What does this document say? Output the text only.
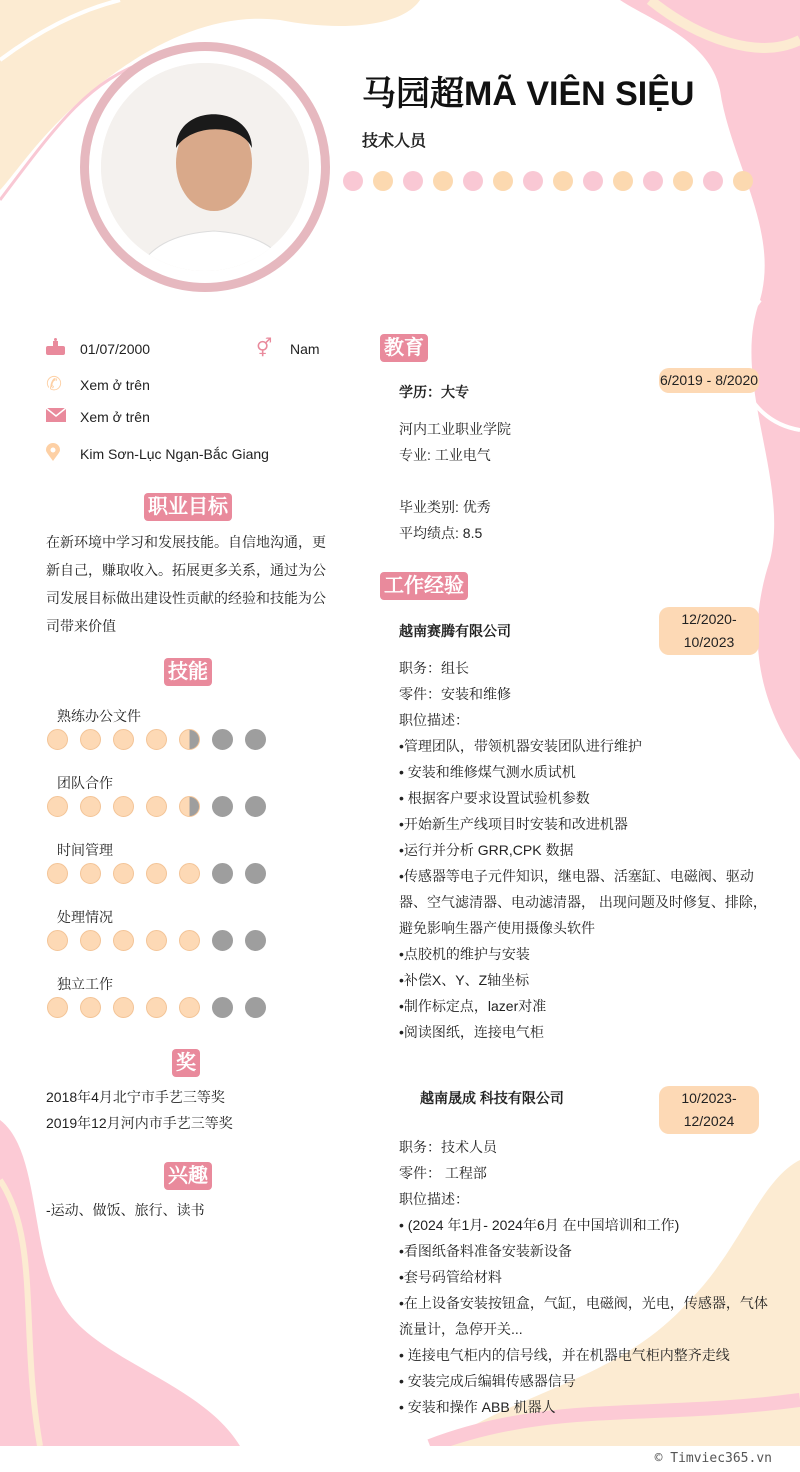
马园超MÃ VIÊN SIỆU
技术人员
01/07/2000	⚥	Nam
✆	Xem ở trên
Xem ở trên
Kim Sơn-Lục Ngạn-Bắc Giang
职业目标
在新环境中学习和发展技能。自信地沟通，更新自己，赚取收入。拓展更多关系，通过为公司发展目标做出建设性贡献的经验和技能为公司带来价值
技能
熟练办公文件
团队合作
时间管理
处理情况
独立工作
奖
2018年4月北宁市手艺三等奖
2019年12月河内市手艺三等奖
兴趣
-运动、做饭、旅行、读书
教育
学历：大专
6/2019 - 8/2020
河内工业职业学院
专业: 工业电气
毕业类别: 优秀
平均绩点: 8.5
工作经验
越南赛腾有限公司
12/2020-10/2023
职务：组长
零件：安装和维修
职位描述：
•管理团队，带领机器安装团队进行维护
• 安装和维修煤气测水质试机
• 根据客户要求设置试验机参数
•开始新生产线项目时安装和改进机器
•运行并分析 GRR,CPK 数据
•传感器等电子元件知识，继电器、活塞缸、电磁阀、驱动器、空气滤清器、电动滤清器， 出现问题及时修复、排除，避免影响生器产使用摄像头软件
•点胶机的维护与安装
•补偿X、Y、Z轴坐标
•制作标定点，lazer对准
•阅读图纸，连接电气柜
越南晟成 科技有限公司	10/2023-12/2024
职务：技术人员
零件： 工程部
职位描述：
• (2024 年1月- 2024年6月 在中国培训和工作)
•看图纸备料准备安装新设备
•套号码管给材料
•在上设备安装按钮盒，气缸，电磁阀，光电，传感器，气体流量计，急停开关...
• 连接电气柜内的信号线，并在机器电气柜内整齐走线
• 安装完成后编辑传感器信号
• 安装和操作 ABB 机器人
© Timviec365.vn
